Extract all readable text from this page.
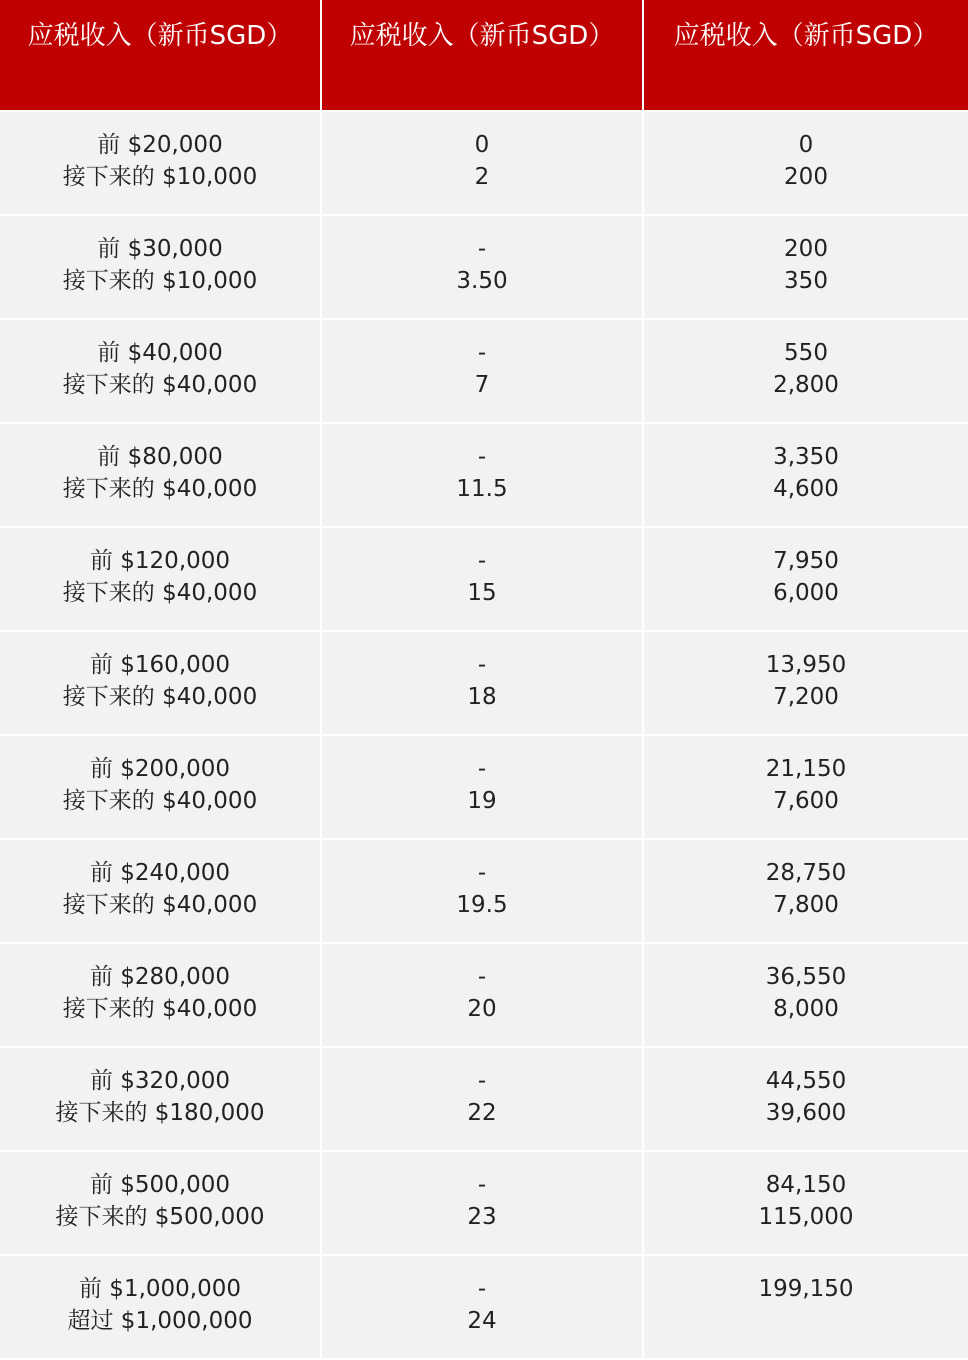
应税收入（新币SGD）	应税收入（新币SGD）	应税收入（新币SGD）
前 $20,000
接下来的 $10,000
0
2
0
200
前 $30,000
接下来的 $10,000
-
3.50
200
350
前 $40,000
接下来的 $40,000
-
7
550
2,800
前 $80,000
接下来的 $40,000
-
11.5
3,350
4,600
前 $120,000
接下来的 $40,000
-
15
7,950
6,000
前 $160,000
接下来的 $40,000
-
18
13,950
7,200
前 $200,000
接下来的 $40,000
-
19
21,150
7,600
前 $240,000
接下来的 $40,000
-
19.5
28,750
7,800
前 $280,000
接下来的 $40,000
-
20
36,550
8,000
前 $320,000
接下来的 $180,000
-
22
44,550
39,600
前 $500,000
接下来的 $500,000
-
23
84,150
115,000
前 $1,000,000
超过 $1,000,000
-
24
199,150
